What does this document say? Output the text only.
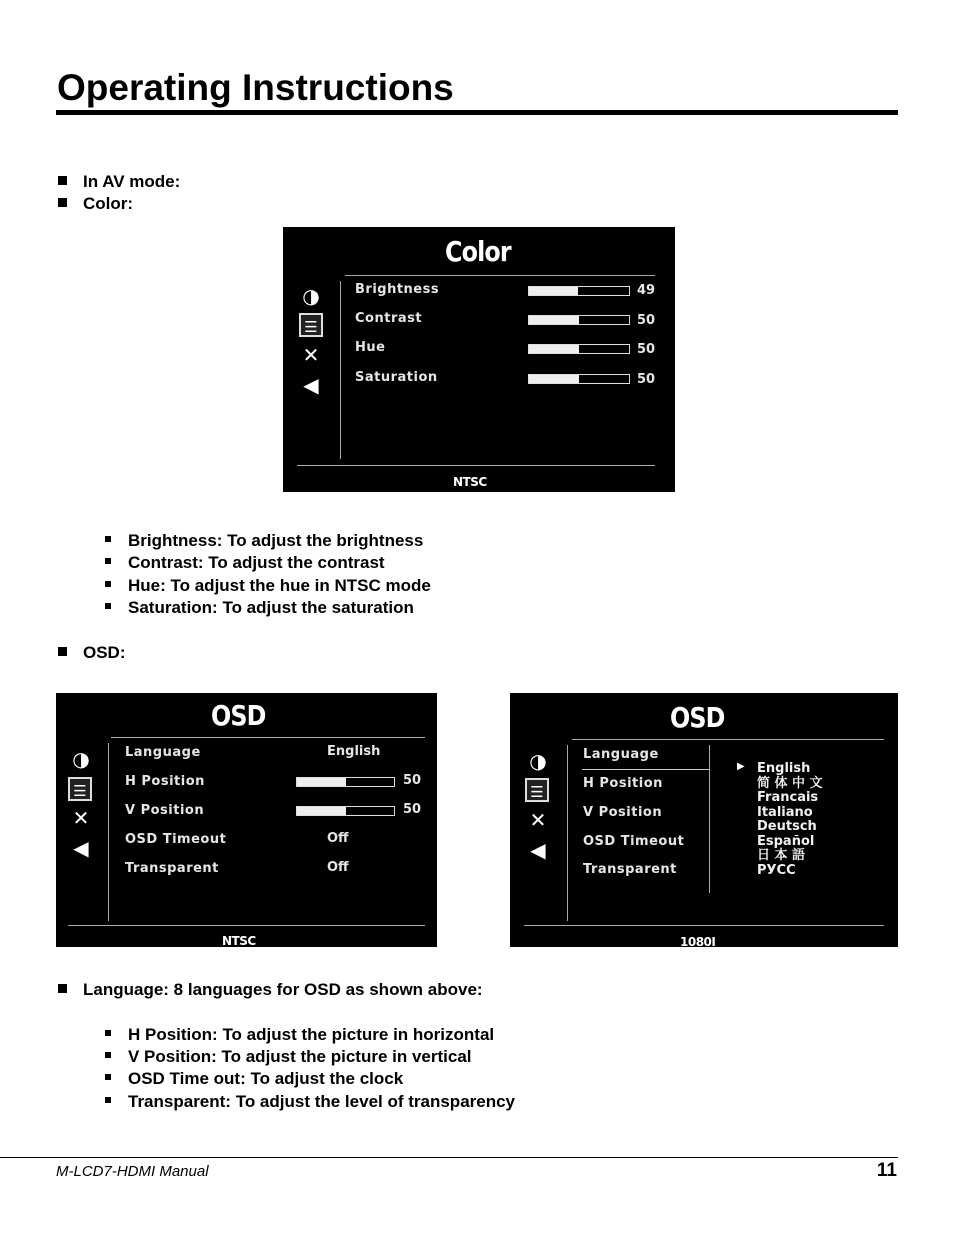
Operating Instructions
In AV mode:
Color:
Color
◑
☰
✕
◀
Brightness
Contrast
Hue
Saturation
49
50
50
50
NTSC
Brightness: To adjust the brightness
Contrast: To adjust the contrast
Hue: To adjust the hue in NTSC mode
Saturation: To adjust the saturation
OSD:
OSD
◑
☰
✕
◀
Language
H Position
V Position
OSD Timeout
Transparent
English
50
50
Off
Off
NTSC
OSD
◑
☰
✕
◀
Language
H Position
V Position
OSD Timeout
Transparent
▶ English
简 体 中 文
Francais
Italiano
Deutsch
Español
日 本 語
РУСС
1080I
Language: 8 languages for OSD as shown above:
H Position: To adjust the picture in horizontal
V Position: To adjust the picture in vertical
OSD Time out: To adjust the clock
Transparent: To adjust the level of transparency
M-LCD7-HDMI Manual	11
